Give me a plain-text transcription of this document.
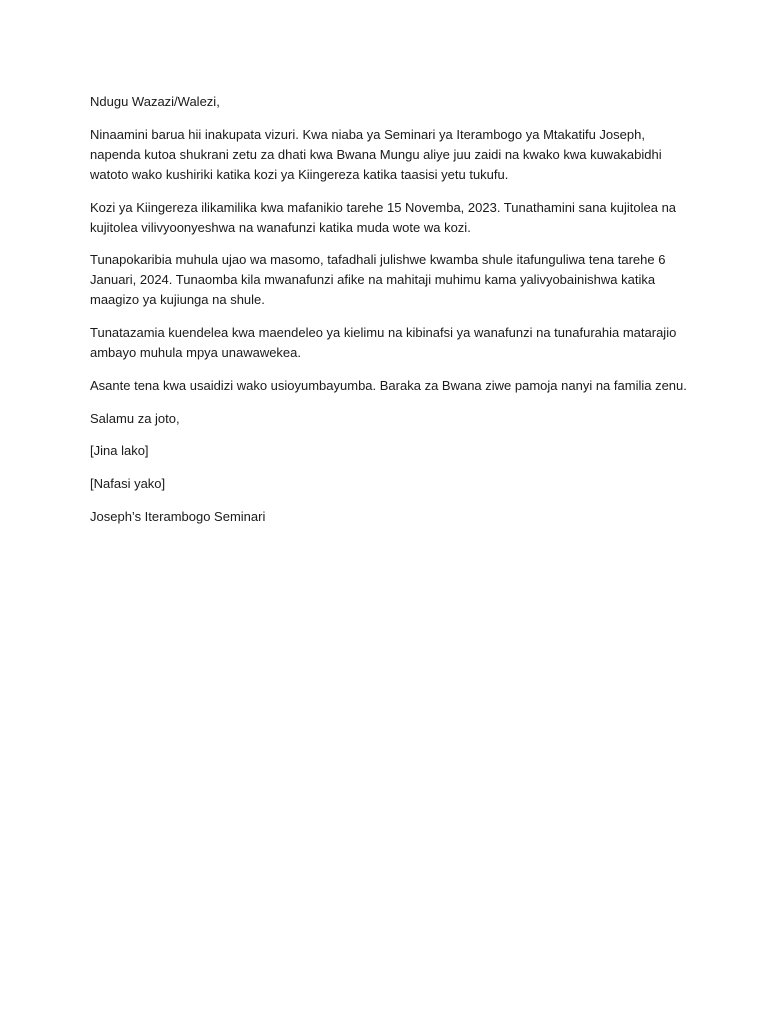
Ndugu Wazazi/Walezi,

Ninaamini barua hii inakupata vizuri. Kwa niaba ya Seminari ya Iterambogo ya Mtakatifu Joseph,

napenda kutoa shukrani zetu za dhati kwa Bwana Mungu aliye juu zaidi na kwako kwa kuwakabidhi

watoto wako kushiriki katika kozi ya Kiingereza katika taasisi yetu tukufu.

Kozi ya Kiingereza ilikamilika kwa mafanikio tarehe 15 Novemba, 2023. Tunathamini sana kujitolea na

kujitolea vilivyoonyeshwa na wanafunzi katika muda wote wa kozi.

Tunapokaribia muhula ujao wa masomo, tafadhali julishwe kwamba shule itafunguliwa tena tarehe 6

Januari, 2024. Tunaomba kila mwanafunzi afike na mahitaji muhimu kama yalivyobainishwa katika

maagizo ya kujiunga na shule.

Tunatazamia kuendelea kwa maendeleo ya kielimu na kibinafsi ya wanafunzi na tunafurahia matarajio

ambayo muhula mpya unawawekea.

Asante tena kwa usaidizi wako usioyumbayumba. Baraka za Bwana ziwe pamoja nanyi na familia zenu.

Salamu za joto,

[Jina lako]

[Nafasi yako]

Joseph’s Iterambogo Seminari
